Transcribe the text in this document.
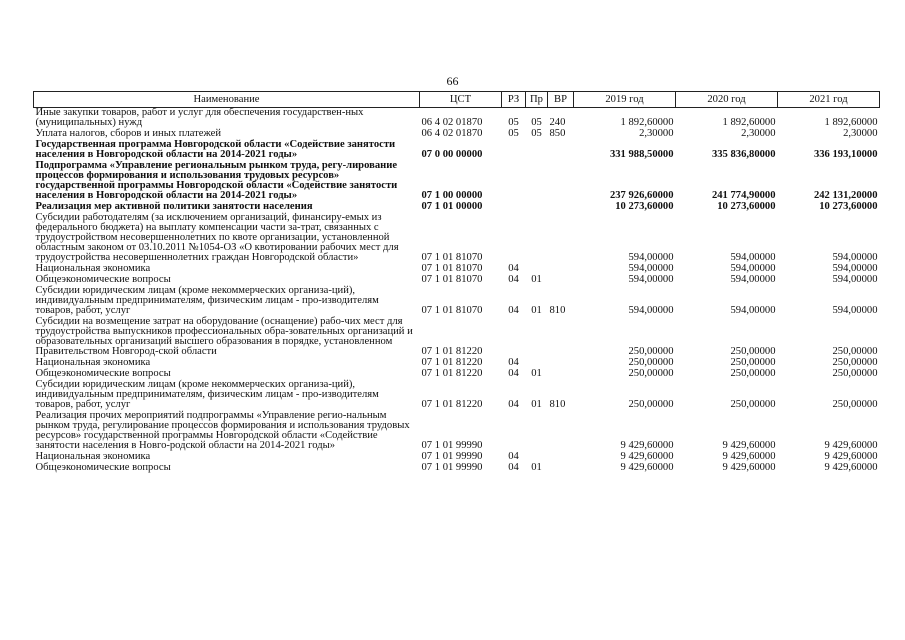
66
Наименование	ЦСТ	РЗ	Пр	ВР	2019 год	2020 год	2021 год
Иные закупки товаров, работ и услуг для обеспечения государствен-ных (муниципальных) нужд	06 4 02 01870	05	05	240	1 892,60000	1 892,60000	1 892,60000
Уплата налогов, сборов и иных платежей	06 4 02 01870	05	05	850	2,30000	2,30000	2,30000
Государственная программа Новгородской области «Содействие занятости населения в Новгородской области на 2014-2021 годы»	07 0 00 00000				331 988,50000	335 836,80000	336 193,10000
Подпрограмма «Управление региональным рынком труда, регу-лирование процессов формирования и использования трудовых ресурсов» государственной программы Новгородской области «Содействие занятости населения в Новгородской области на 2014-2021 годы»	07 1 00 00000				237 926,60000	241 774,90000	242 131,20000
Реализация мер активной политики занятости населения	07 1 01 00000				10 273,60000	10 273,60000	10 273,60000
Субсидии работодателям (за исключением организаций, финансиру-емых из федерального бюджета) на выплату компенсации части за-трат, связанных с трудоустройством несовершеннолетних по квоте организации, установленной областным законом от 03.10.2011 №1054-ОЗ «О квотировании рабочих мест для трудоустройства несовершеннолетних граждан Новгородской области»	07 1 01 81070				594,00000	594,00000	594,00000
Национальная экономика	07 1 01 81070	04			594,00000	594,00000	594,00000
Общеэкономические вопросы	07 1 01 81070	04	01		594,00000	594,00000	594,00000
Субсидии юридическим лицам (кроме некоммерческих организа-ций), индивидуальным предпринимателям, физическим лицам - про-изводителям товаров, работ, услуг	07 1 01 81070	04	01	810	594,00000	594,00000	594,00000
Субсидии на возмещение затрат на оборудование (оснащение) рабо-чих мест для трудоустройства выпускников профессиональных обра-зовательных организаций и образовательных организаций высшего образования в порядке, установленном Правительством Новгород-ской области	07 1 01 81220				250,00000	250,00000	250,00000
Национальная экономика	07 1 01 81220	04			250,00000	250,00000	250,00000
Общеэкономические вопросы	07 1 01 81220	04	01		250,00000	250,00000	250,00000
Субсидии юридическим лицам (кроме некоммерческих организа-ций), индивидуальным предпринимателям, физическим лицам - про-изводителям товаров, работ, услуг	07 1 01 81220	04	01	810	250,00000	250,00000	250,00000
Реализация прочих мероприятий подпрограммы «Управление регио-нальным рынком труда, регулирование процессов формирования и использования трудовых ресурсов» государственной программы Новгородской области «Содействие занятости населения в Новго-родской области на 2014-2021 годы»	07 1 01 99990				9 429,60000	9 429,60000	9 429,60000
Национальная экономика	07 1 01 99990	04			9 429,60000	9 429,60000	9 429,60000
Общеэкономические вопросы	07 1 01 99990	04	01		9 429,60000	9 429,60000	9 429,60000
